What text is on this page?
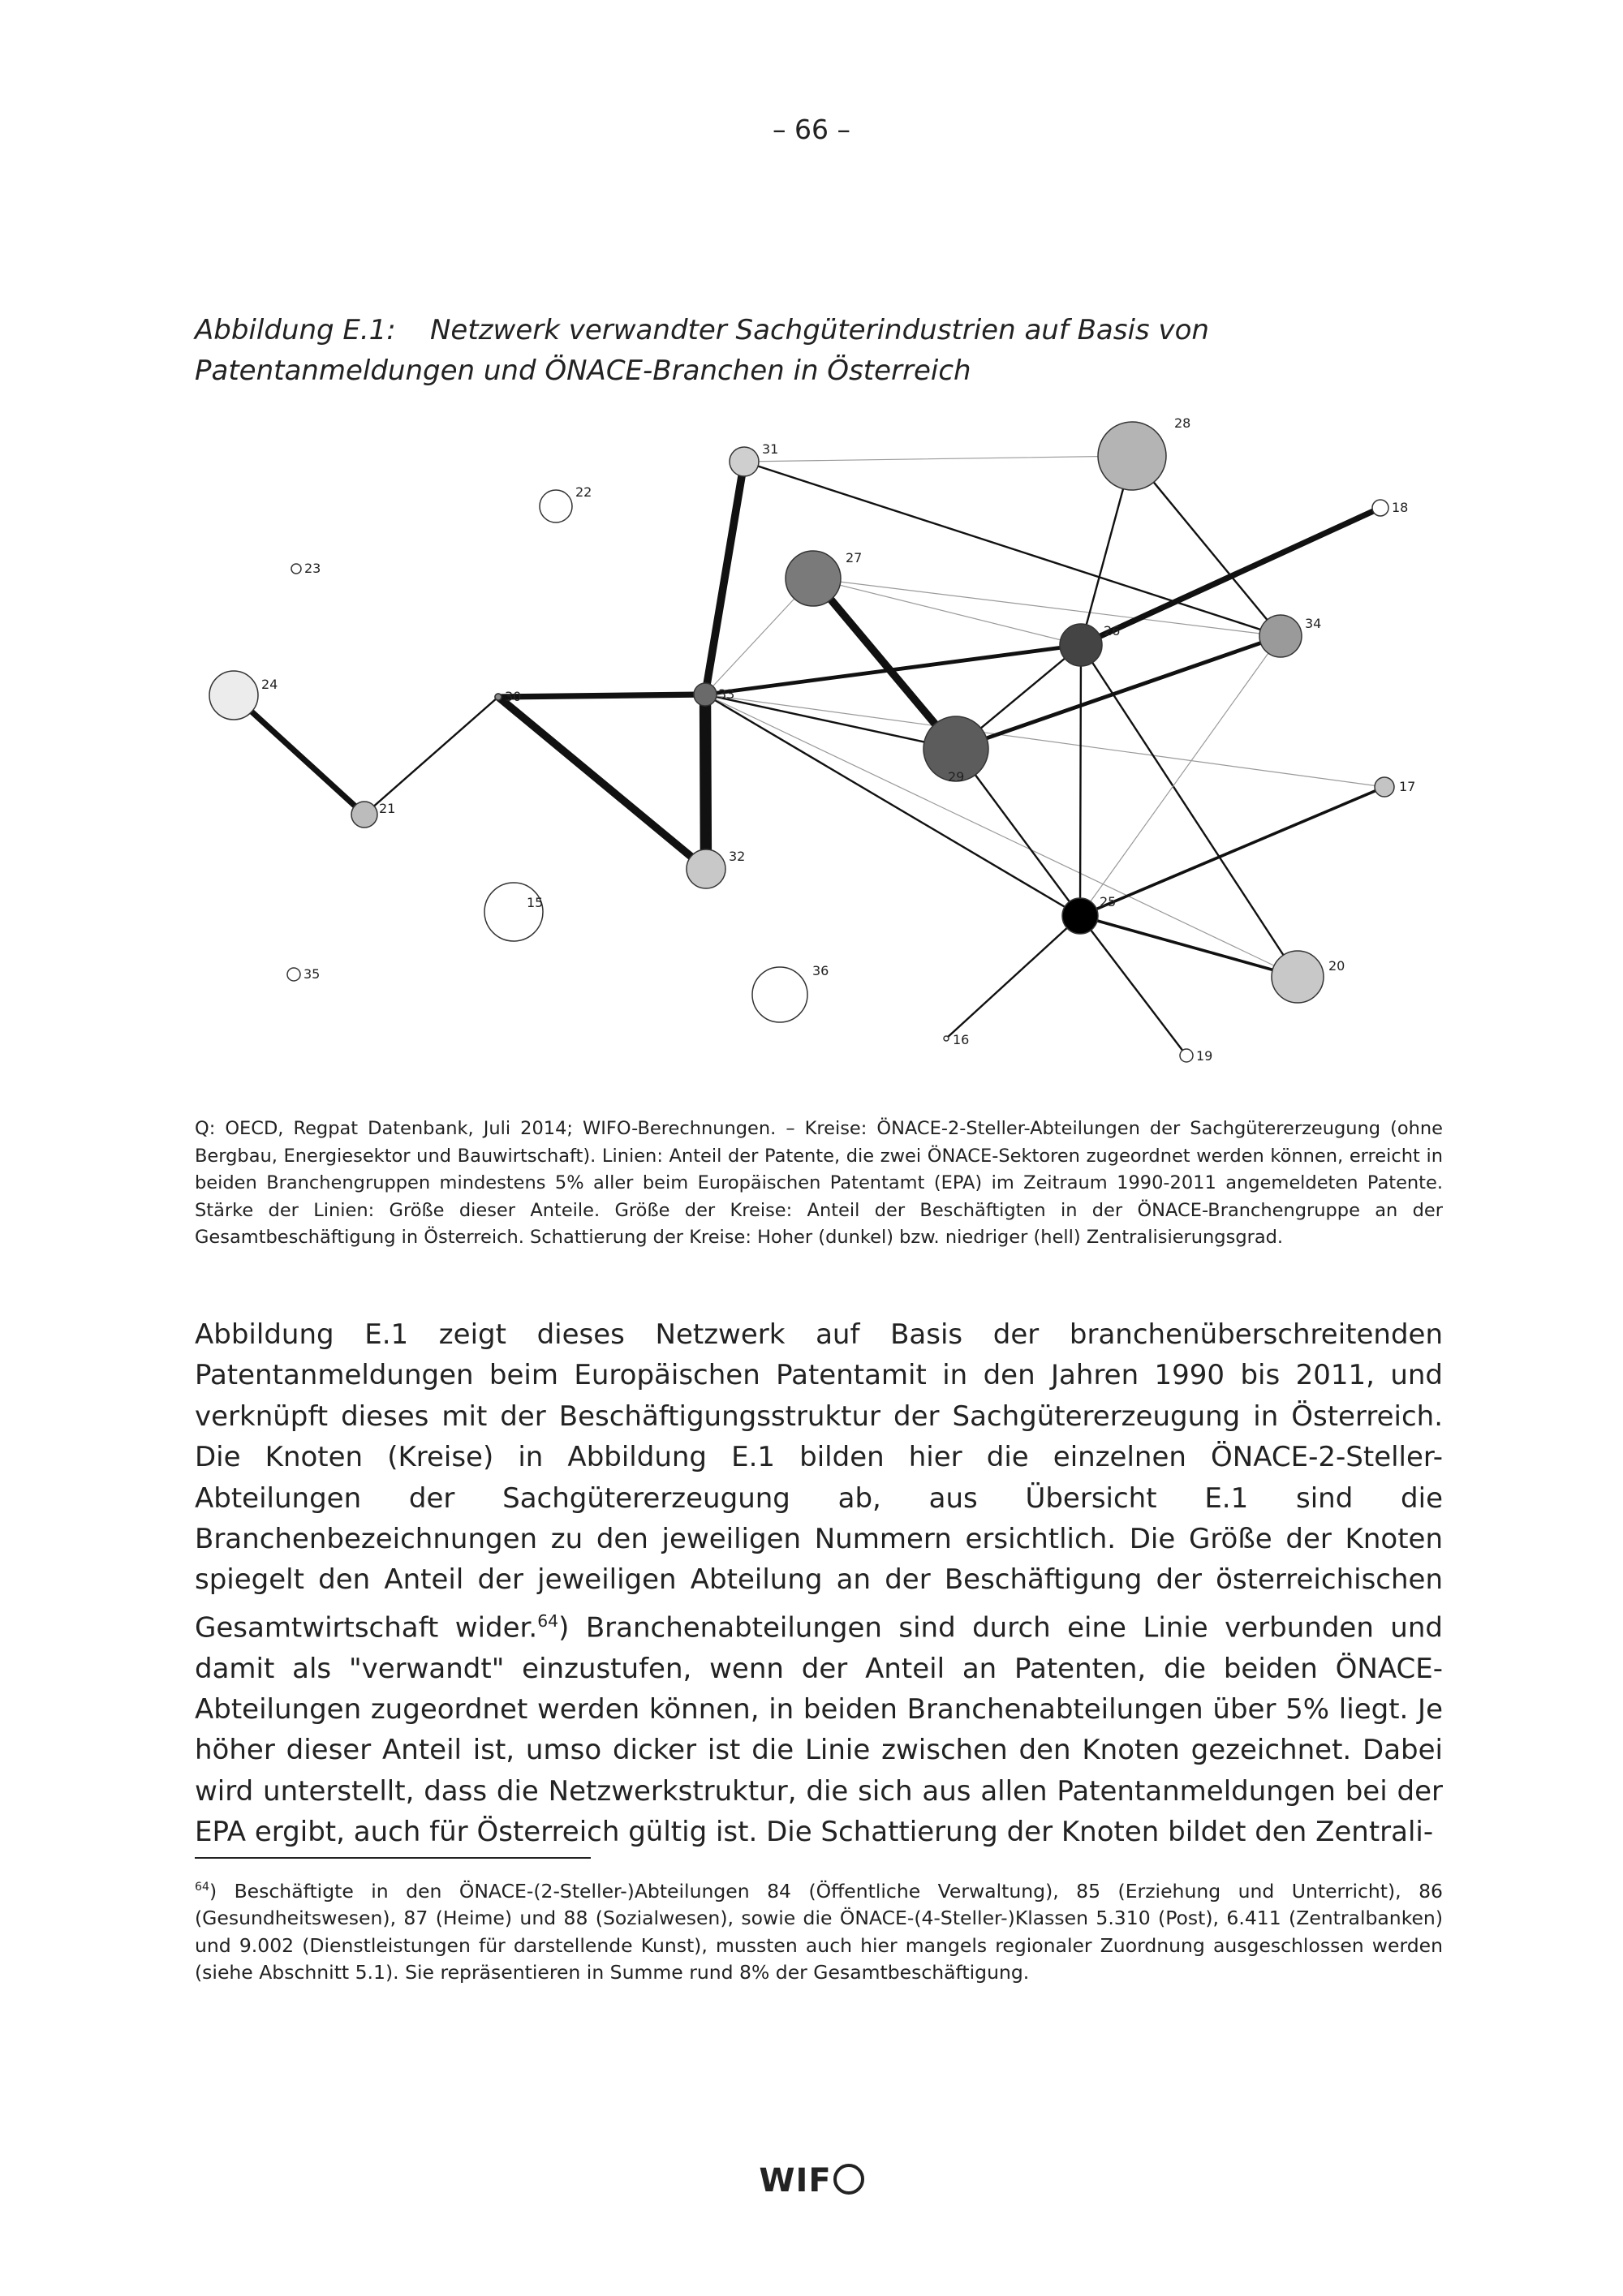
– 66 –
Abbildung E.1: Netzwerk verwandter Sachgüterindustrien auf Basis von
Patentanmeldungen und ÖNACE-Branchen in Österreich
15
16
17
18
19
20
21
22
23
24
25
26
27
28
29
30
31
32
33
34
35	36
Q: OECD, Regpat Datenbank, Juli 2014; WIFO-Berechnungen. – Kreise: ÖNACE-2-Steller-Abteilungen der Sachgütererzeugung (ohne Bergbau, Energiesektor und Bauwirtschaft). Linien: Anteil der Patente, die zwei ÖNACE-Sektoren zugeordnet werden können, erreicht in beiden Branchengruppen mindestens 5% aller beim Europäischen Patentamt (EPA) im Zeitraum 1990-2011 angemeldeten Patente. Stärke der Linien: Größe dieser Anteile. Größe der Kreise: Anteil der Beschäftigten in der ÖNACE-Branchengruppe an der Gesamtbeschäftigung in Österreich. Schattierung der Kreise: Hoher (dunkel) bzw. niedriger (hell) Zentralisierungsgrad.
Abbildung E.1 zeigt dieses Netzwerk auf Basis der branchenüberschreitenden Patentanmeldungen beim Europäischen Patentamit in den Jahren 1990 bis 2011, und verknüpft dieses mit der Beschäftigungsstruktur der Sachgütererzeugung in Österreich. Die Knoten (Kreise) in Abbildung E.1 bilden hier die einzelnen ÖNACE-2-Steller-Abteilungen der Sachgütererzeugung ab, aus Übersicht E.1 sind die Branchenbezeichnungen zu den jeweiligen Nummern ersichtlich. Die Größe der Knoten spiegelt den Anteil der jeweiligen Abteilung an der Beschäftigung der österreichischen Gesamtwirtschaft wider.$^{64}$) Branchenabteilungen sind durch eine Linie verbunden und damit als "verwandt" einzustufen, wenn der Anteil an Patenten, die beiden ÖNACE-Abteilungen zugeordnet werden können, in beiden Branchenabteilungen über 5% liegt. Je höher dieser Anteil ist, umso dicker ist die Linie zwischen den Knoten gezeichnet. Dabei wird unterstellt, dass die Netzwerkstruktur, die sich aus allen Patentanmeldungen bei der EPA ergibt, auch für Österreich gültig ist. Die Schattierung der Knoten bildet den Zentrali-
$^{64}$) Beschäftigte in den ÖNACE-(2-Steller-)Abteilungen 84 (Öffentliche Verwaltung), 85 (Erziehung und Unterricht), 86 (Gesundheitswesen), 87 (Heime) und 88 (Sozialwesen), sowie die ÖNACE-(4-Steller-)Klassen 5.310 (Post), 6.411 (Zentralbanken) und 9.002 (Dienstleistungen für darstellende Kunst), mussten auch hier mangels regionaler Zuordnung ausgeschlossen werden (siehe Abschnitt 5.1). Sie repräsentieren in Summe rund 8% der Gesamtbeschäftigung.
WIF
